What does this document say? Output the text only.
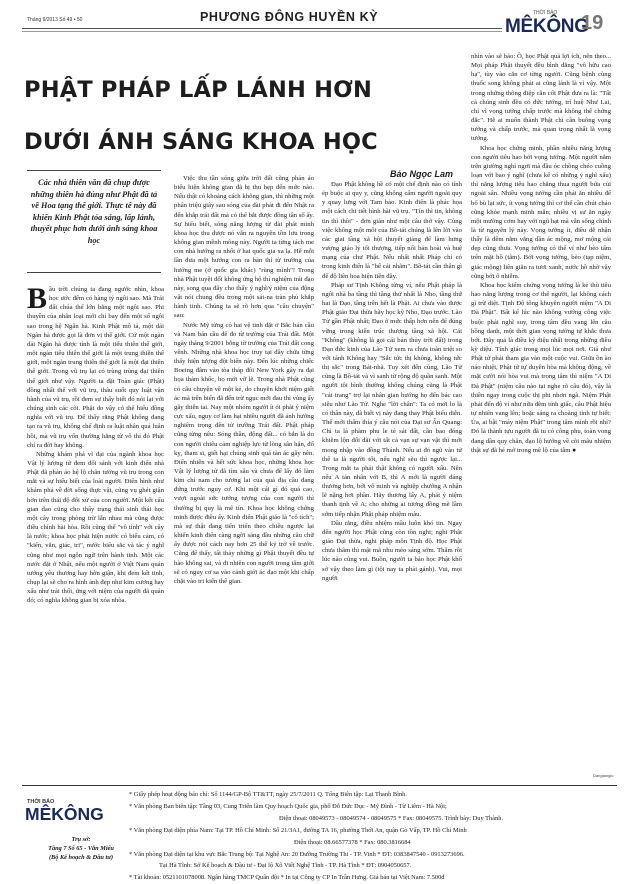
Tháng 9/2013 Số 49 • 50	PHƯƠNG ĐÔNG HUYỀN KỲ	THỜI BÁO
MÊKÔNG
19
PHẬT PHÁP LẤP LÁNH HƠN
DƯỚI ÁNH SÁNG KHOA HỌC
Bảo Ngọc Lam
Các nhà thiên văn đã chụp được những thiên hà đúng như Phật đã tả về Hoa tạng thế giới. Thực tế này đã khiến Kinh Phật tỏa sáng, lấp lánh, thuyết phục hơn dưới ánh sáng khoa học

Bầu trời chúng ta đang ngước nhìn, khoa học ước đếm có hàng tỷ ngôi sao. Mà Trái đất chúa thể lớn bằng một ngôi sao. Phi thuyền của nhân loại mới chỉ bay đến một số ngôi sao trong hệ Ngân hà. Kinh Phật mô tả, một dải Ngân hà được gọi là đơn vị thế giới. Cứ một ngàn dải Ngân hà được tính là một tiểu thiên thế giới, một ngàn tiểu thiên thế giới là một trung thiên thế giới, một ngàn trung thiên thế giới là một đại thiên thế giới. Trong vũ trụ lại có trùng trùng đại thiên thế giới như vậy. Người ta đặt Toàn giác (Phật) đồng nhất thể với vũ trụ, thâu suốt quy luật vận hành của vũ trụ, rồi đem sự thấy biết đó nói lại với chúng sinh các cõi. Phật do vậy có thể hiểu đồng nghĩa với vũ trụ. Để thấy rằng Phật không đang tạo ra vũ trụ, không chế định ra luật nhân quả luân hồi, mà vũ trụ vốn thường hằng từ vô thỉ đó Phật chỉ ra đời hay không.

Những khám phá vĩ đại của ngành khoa học Vật lý lượng tử đem đối sánh với kinh điển nhà Phật đã phản ảo hệ lộ chân tướng vũ trụ trong con mắt và sự hiểu biết của loài người. Điển hình như khám phá về đời sống thực vật, cũng vụ ghét giận hờn trên thái độ đối xử của con người. Một kết cấu gian dao cũng cho thấy trạng thái sinh thái học một cây trong phòng trừ lẫn nhau mà cũng được điều chỉnh hài hòa. Rồi cũng thế "vô tình" với cây là nước; khoa học phát hiện nước có biểu cảm, có "kiến, văn, giác, tri", nước biểu sắc và tác ý nghĩ cũng như mọi ngôn ngữ trên hành tinh. Một các nước đặt ở Nhật, nếu một người ở Việt Nam quán tưởng yêu thương hay hờn giận, khi đem kết tinh, chụp lại sẽ cho ra hình ảnh đẹp như kim cương hay xấu như trái thối, ứng với niệm của người đã quán đó; có nghĩa không gian bị xóa nhòa.

Việc thu tần sóng giữa trời đất cũng phản ảo biểu hiện không gian đã bị thu hẹp đến mức nào. Nếu thật có khoảng cách không gian, thì những một phân triệu giây sau sóng của đài phát đi đến Nhật ra đến khắp trái đất mà có thể bắt được đồng tần số ấy. Sự hiểu biết, sóng năng lượng từ đài phát mình khoa học thu được nó vẫn ra nguyên tồn lưu trong không gian mênh mông này. Người ta từng tách me con nhà hướng ra nhốt ở hai quốc gia xa lạ. Hễ mỗi lần đưa một hướng con ra bàn thí từ trường của hướng me (ở quốc gia khác) "rùng mình"! Trong nhà Phật tuyệt đối không ứng hộ thí nghiệm trái đạo này, song qua đây cho thấy ý nghĩ/ý niệm của động vật nói chung đều trong một sát-na tràn phủ khắp hành tinh. Chúng ta sẽ rõ hơn qua "câu chuyện" sau:

Nước Mỹ từng có hai vệ tinh đặt ở Bắc bán cầu và Nam bán cầu để đo từ trường của Trái đất. Một ngày tháng 9/2001 bỗng từ trường của Trái đất cong vênh. Những nhà khoa học truy tại đây chứa từng thấy hiện tượng đột biến này. Đến lúc những chiếc Boeing đâm vào tòa tháp đôi New York gây ra đại họa thảm khốc, họ mới vỡ lẽ. Trong nhà Phật cũng có câu chuyện về một kẻ, do chuyên khởi niệm giết ác mà trên biển đã đến trừ ngục mới đau thì vùng ấy gây thiên tai. Nay một nhóm người ít ỏi phát ý niệm cực xấu, nguy cơ làm hại nhiều người đã ảnh hưởng nghiêm trọng đến từ trường Trái đất. Phật pháp cũng từng nêu: Sóng thần, động đất... có bắn là do con người chiêu cảm nghiệp lực từ lòng sân hận, đố kỵ, tham si, giết hại chúng sinh quá tàn ác gây nên. Điển nhiên và hết sức khoa học, những khoa học Vật lý lượng tử đã tìm sâu và chưa để lấy đó làm kim chỉ nam cho tương lai của quả địa cầu đang đứng trước nguy cơ. Khi một cái gì đó quá cao, vượt ngoài sức tưởng tượng của con người thì thường bị quy là mê tín. Khoa học không chứng minh được điều ấy. Kinh điển Phật giáo là "cổ tích"; mà sự thật đang tiến triển theo chiều ngược lại khiến kinh điển càng ngời sáng đầu những câu chữ ấy được nói cách nay hơn 25 thế kỷ trở về trước. Cũng để thấy, tất thảy những gì Phật thuyết đều tự hào không sai, và đi nhiên con người trong tâm giới sẽ có nguy cơ sa vào cảnh giới ác đạo một khi chấp chặt vào tri kiến thế gian.

Đạo Phật không hề có một chế định nào có tính ép buộc ai quy y, cũng không cấm người ngoài quy y quay lưng với Tam bảo. Kinh điển là phác họa một cách chi tiết hình hài vũ trụ. "Tín thì tin, không tin thì thôi" - đơn giản như một câu thờ vậy. Cùng việc không một mối của Bồ-tát chúng là lên lời vào các giai tầng xã hội thuyết giảng để làm hưng vượng giáo lý tối thượng, tiếp nối bản hoài và huệ mạng của chư Phật. Nếu nhất nhất Pháp chỉ có trong kinh điển là "bế cái nhãm". Bồ-tát cần thân gì để độ liên hoa hiện tiền đây.

Pháp sư Tịnh Không từng ví, nếu Phật pháp là ngôi nhà ba tầng thì tầng thứ nhất là Nho, tầng thứ hai là Đạo, tầng trên hết là Phật. Ai chưa vào được Phật giáo Đại thừa hãy học kỹ Nho, Đạo trước. Lão Tử gần Phật nhất; Đạo ở mức thấp hơn nên để đúng vững trong kiến trúc thượng tầng xã hội. Cái "Không" (không là gọi cái bản thủy trời đất) trong Đạo đức kinh của Lão Tử xem ra chưa toàn triệt so với tánh Không hay "Sắc tức thị không, không tức thị sắc" trong Bát-nhã. Tuy xét đến cùng, Lão Tử cũng là Bồ-tát và vì sanh từ rộng độ quần sanh. Một người tôi bình thường không chúng cũng là Phật "cải trang" trợ lại nhân gian hướng họ đến bác cao siêu như Lão Tử. Nghe "lời chân": Ta có mới lo là có thân này, đã biết vị này đang thay Phật biểu diễn. Thế mới thấm thía ý câu nói của Đại sư Ấn Quang: Chỉ ta là phàm phu le tẻ sát đất, cần bao đóng khiêm lộn đối đãi với tất cả vạn sự vạn vật thì mới mong nhập vào đồng Thánh. Nếu ai đó ngũ vào tử thế ta là người tốt, nếu nghĩ sẽu thì ngược lại... Trong mắt ta phải thật không có người xấu. Nên nếu A tán nhân với B, thì A mới là người đáng thương hơn, bởi vô minh và nghiệp chướng A nhận lẽ nặng hơi phần. Hãy thương lấy A, phát ý niệm thanh tịnh về A; cho những ai tương đồng mẽ lầm sớm tiếp nhận Phật pháp nhiệm màu.

Dầu rằng, điều nhiệm mầu luôn khó tin. Ngay đến người học Phật cũng còn tồn nghi; nghi Phật giáo Đại thừa, nghi pháp môn Tịnh độ. Học Phật chưa thâm thì mật mã nhu mèo sáng sớm. Thâm rồi lúc nào cũng vui. Buồn, người ta bảo học Phật khổ sở vậy theo làm gì (tội nay ta phải gánh). Vui, mọi người

nhìn vào sẽ bảo: Ồ, học Phật quả lợi ích, nên theo... Mọi pháp Phật thuyết đều bình đẳng "vô hữu cao hạ", tùy vào căn cơ từng người. Cũng bệnh cùng thuốc song không phải ai cũng lành là vì vậy. Một trong những thông điệp cần cốt Phật đưa ra là: "Tất cả chúng sinh đều có đức tướng, trí huệ Như Lai, chỉ vì vọng tưởng chấp trước mà không thể chứng đắc". Hễ ai muốn thành Phật chỉ cần buông vọng tưởng và chấp trước, mà quan trọng nhất là vọng tưởng.

Khoa học chứng minh, phần nhiều năng lượng con người tiêu hao bởi vọng tưởng. Một người nằm trên giường nghỉ ngơi mà đầu óc chồng chéo cuồng loạn với bao ý nghĩ (chưa kể có những ý nghĩ xấu) thì năng lượng tiêu hao chẳng thua người bửa củi ngoài sân. Nhiều vọng tưởng cần phải ăn nhiều để bổ bù lại sức, ít vọng tưởng thì cơ thể cần chút cháo cũng khỏe mạnh minh mẫn; nhiều vị sư ăn ngày một mường cơm hay với ngũ hạt mà vẫn sống chính là từ nguyên lý này. Vọng tưởng ít, điều dễ nhận thấy là đêm nằm vắng dần ác mộng, mơ mộng cái đẹp cũng thưa. Vọng tưởng có thể ví như bèo tấm trên mặt hồ (tâm). Bởi vọng tưởng, bèo (tạp niệm, giác mộng) liên giăn ra tươi xanh, nước hồ nhờ vậy cũng bớt ô nhiễm.

Khoa học kiểm chứng vọng tưởng là kẻ thù tiêu hao năng lượng trong cơ thể người, lại không cách gì trừ diệt. Tịnh Độ tông khuyên người niệm "A Di Đà Phật". Bất kể lúc nào không vướng công việc buộc phải nghĩ suy, trong tâm đều vang lên câu hồng danh, một thời gian vọng tưởng tự khắc thưa bớt. Đây quả là điều kỳ diệu nhất trong những điều kỳ diệu. Tính giác trong mọi lúc mọi nơi. Giả như Phật tử phải tham gia vào một cuộc vui. Giữa ồn ào náo nhiệt, Phật tử tự duyên hòa mà không động, về mặt cười nói hòa vui mà trong tâm thì niệm "A Di Đà Phật" (niệm câu nào tại nghe rõ câu đó), vậy là thiền ngay trong cuộc thị phi nhơn ngã. Niệm Phật phải đến độ ví như nữa đêm tỉnh giấc, câu Phật hiệu tự nhiên vang lên; hoặc sáng ra choàng tỉnh tự biết: Ủa, ai bật "máy niệm Phật" trong tâm mình rồi nhỉ? Đó là thành tựu người đã tu có công phu, toàn vong đang dần quy chân, đạo lộ hướng về cõi mâu nhiệm thật sự đã hé mở trong mê lộ của tâm ●

Dangtangio
THỜI BÁO
MÊKÔNG
Trụ sở:
Tầng 7 Số 65 - Văn Miếu
(Bộ Kế hoạch & Đầu tư)
* Giấy phép hoạt động báo chí: Số 1144/GP-Bộ TT&TT, ngày 25/7/2011 Q. Tổng Biên tập: Lại Thanh Bình.
* Văn phòng Ban biên tập: Tầng 03, Cung Triển lãm Quy hoạch Quốc gia, phố Đỗ Đức Dục - Mỹ Đình - Từ Liêm - Hà Nội;
Điện thoại: 08049573 - 08049574 - 08049575 * Fax: 08049575. Trình bày: Duy Thành.
* Văn phòng Đại diện phía Nam: Tại TP. Hồ Chí Minh: Số 21/3A1, đường TA 16, phường Thới An, quận Gò Vấp, TP. Hồ Chí Minh
Điện thoại: 08.66577378 * Fax: 080.3816684
* Văn phòng Đại diện tại khu vực Bắc Trung bộ: Tại Nghệ An: 20 Đường Trường Thi - TP. Vinh * ĐT: 0383847540 - 0913273696.
Tại Hà Tĩnh: Sở Kế hoạch & Đầu tư - Đại lộ Xô Viết Nghệ Tĩnh - TP. Hà Tĩnh * ĐT: 0904050657.
* Tài khoản: 0521101078008. Ngân hàng TMCP Quân đội * In tại Công ty CP In Trần Hưng. Giá bán tại Việt Nam: 7.500đ
